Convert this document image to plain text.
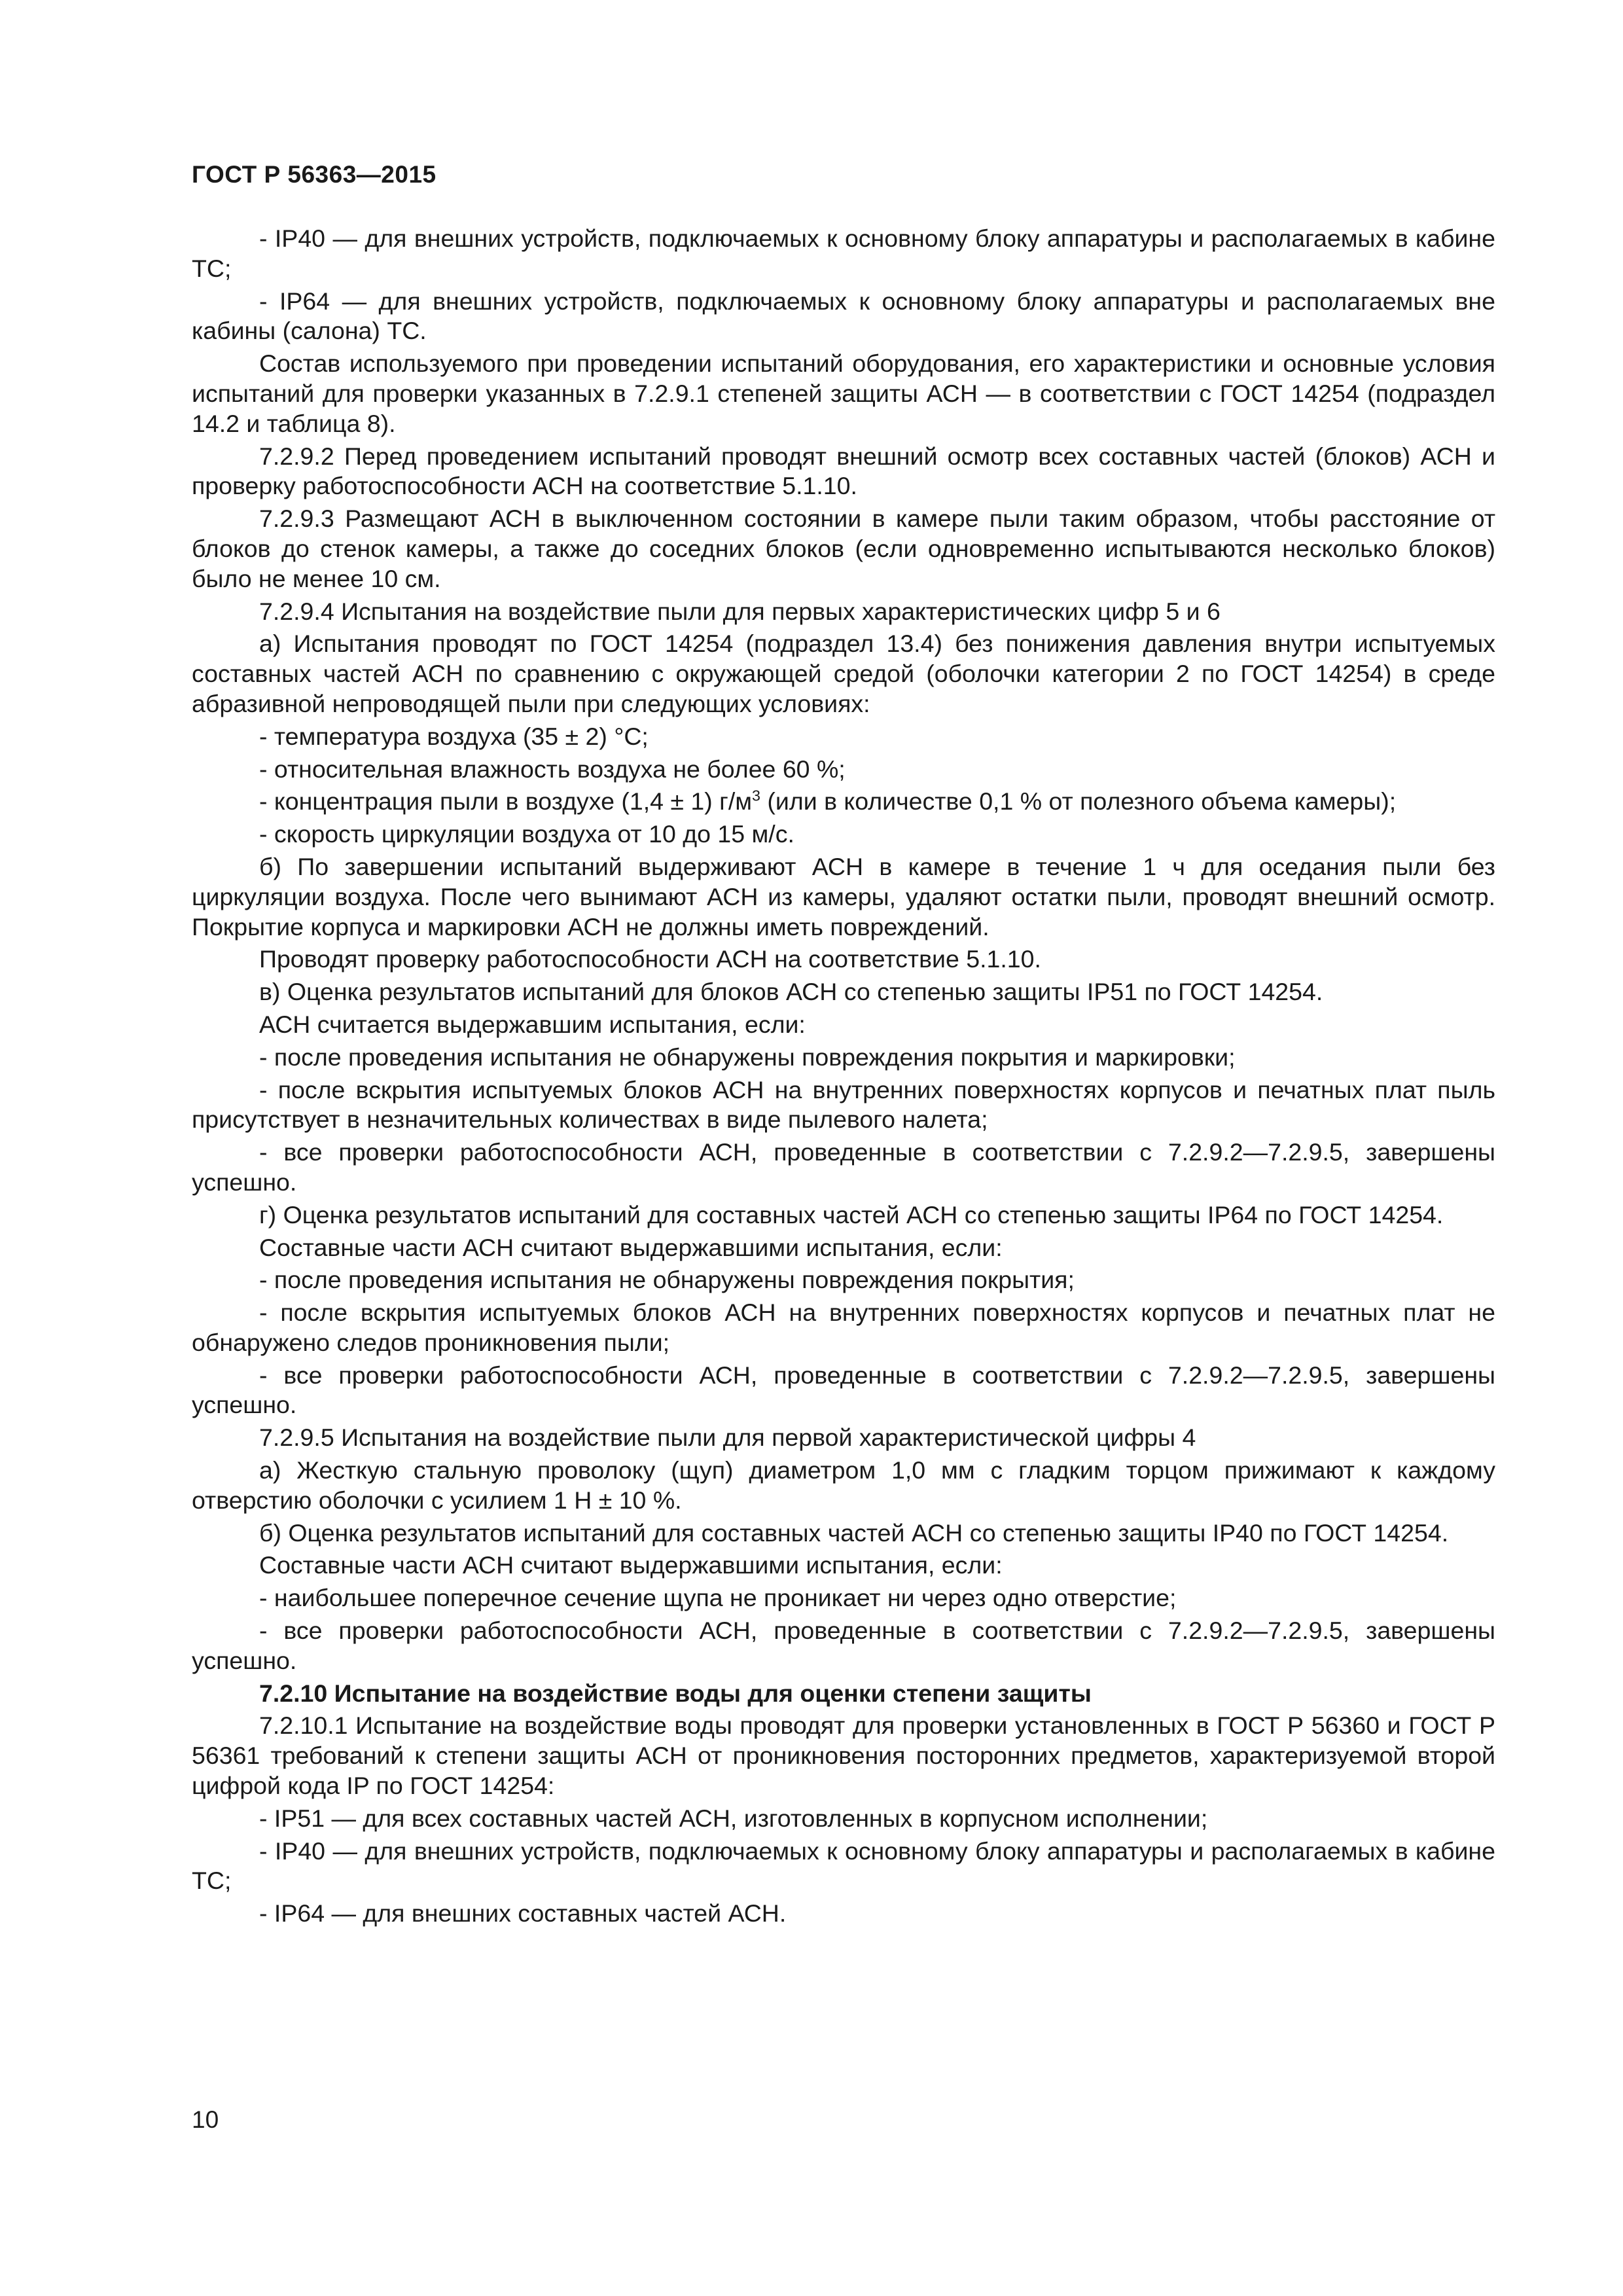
ГОСТ Р 56363—2015
- IP40 — для внешних устройств, подключаемых к основному блоку аппаратуры и располагаемых в кабине ТС;
- IP64 — для внешних устройств, подключаемых к основному блоку аппаратуры и располагаемых вне кабины (салона) ТС.
Состав используемого при проведении испытаний оборудования, его характеристики и основные условия испытаний для проверки указанных в 7.2.9.1 степеней защиты АСН — в соответствии с ГОСТ 14254 (подраздел 14.2 и таблица 8).
7.2.9.2 Перед проведением испытаний проводят внешний осмотр всех составных частей (блоков) АСН и проверку работоспособности АСН на соответствие 5.1.10.
7.2.9.3 Размещают АСН в выключенном состоянии в камере пыли таким образом, чтобы расстояние от блоков до стенок камеры, а также до соседних блоков (если одновременно испытываются несколько блоков) было не менее 10 см.
7.2.9.4 Испытания на воздействие пыли для первых характеристических цифр 5 и 6
а) Испытания проводят по ГОСТ 14254 (подраздел 13.4) без понижения давления внутри испытуемых составных частей АСН по сравнению с окружающей средой (оболочки категории 2 по ГОСТ 14254) в среде абразивной непроводящей пыли при следующих условиях:
- температура воздуха (35 ± 2) °C;
- относительная влажность воздуха не более 60 %;
- концентрация пыли в воздухе (1,4 ± 1) $г/м^3$ (или в количестве 0,1 % от полезного объема камеры);
- скорость циркуляции воздуха от 10 до 15 м/с.
б) По завершении испытаний выдерживают АСН в камере в течение 1 ч для оседания пыли без циркуляции воздуха. После чего вынимают АСН из камеры, удаляют остатки пыли, проводят внешний осмотр. Покрытие корпуса и маркировки АСН не должны иметь повреждений.
Проводят проверку работоспособности АСН на соответствие 5.1.10.
в) Оценка результатов испытаний для блоков АСН со степенью защиты IP51 по ГОСТ 14254.
АСН считается выдержавшим испытания, если:
- после проведения испытания не обнаружены повреждения покрытия и маркировки;
- после вскрытия испытуемых блоков АСН на внутренних поверхностях корпусов и печатных плат пыль присутствует в незначительных количествах в виде пылевого налета;
- все проверки работоспособности АСН, проведенные в соответствии с 7.2.9.2—7.2.9.5, завершены успешно.
г) Оценка результатов испытаний для составных частей АСН со степенью защиты IP64 по ГОСТ 14254.
Составные части АСН считают выдержавшими испытания, если:
- после проведения испытания не обнаружены повреждения покрытия;
- после вскрытия испытуемых блоков АСН на внутренних поверхностях корпусов и печатных плат не обнаружено следов проникновения пыли;
- все проверки работоспособности АСН, проведенные в соответствии с 7.2.9.2—7.2.9.5, завершены успешно.
7.2.9.5 Испытания на воздействие пыли для первой характеристической цифры 4
а) Жесткую стальную проволоку (щуп) диаметром 1,0 мм с гладким торцом прижимают к каждому отверстию оболочки с усилием 1 Н ± 10 %.
б) Оценка результатов испытаний для составных частей АСН со степенью защиты IP40 по ГОСТ 14254.
Составные части АСН считают выдержавшими испытания, если:
- наибольшее поперечное сечение щупа не проникает ни через одно отверстие;
- все проверки работоспособности АСН, проведенные в соответствии с 7.2.9.2—7.2.9.5, завершены успешно.
7.2.10 Испытание на воздействие воды для оценки степени защиты
7.2.10.1 Испытание на воздействие воды проводят для проверки установленных в ГОСТ Р 56360 и ГОСТ Р 56361 требований к степени защиты АСН от проникновения посторонних предметов, характеризуемой второй цифрой кода IP по ГОСТ 14254:
- IP51 — для всех составных частей АСН, изготовленных в корпусном исполнении;
- IP40 — для внешних устройств, подключаемых к основному блоку аппаратуры и располагаемых в кабине ТС;
- IP64 — для внешних составных частей АСН.
10
